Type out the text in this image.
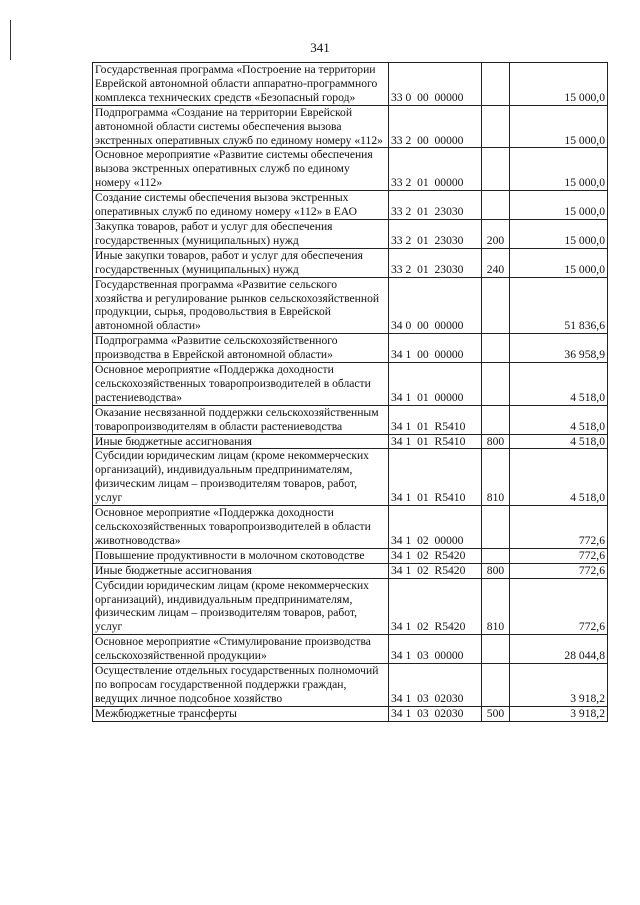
341
Государственная программа «Построение на территории Еврейской автономной области аппаратно-программного комплекса технических средств «Безопасный город»	33 0  00  00000		15 000,0
Подпрограмма «Создание на территории Еврейской автономной области системы обеспечения вызова экстренных оперативных служб по единому номеру «112»	33 2  00  00000		15 000,0
Основное мероприятие «Развитие системы обеспечения вызова экстренных оперативных служб по единому номеру «112»	33 2  01  00000		15 000,0
Создание системы обеспечения вызова экстренных оперативных служб по единому номеру «112» в ЕАО	33 2  01  23030		15 000,0
Закупка товаров, работ и услуг для обеспечения государственных (муниципальных) нужд	33 2  01  23030	200	15 000,0
Иные закупки товаров, работ и услуг для обеспечения государственных (муниципальных) нужд	33 2  01  23030	240	15 000,0
Государственная программа «Развитие сельского хозяйства и регулирование рынков сельскохозяйственной продукции, сырья, продовольствия в Еврейской автономной области»	34 0  00  00000		51 836,6
Подпрограмма «Развитие сельскохозяйственного производства в Еврейской автономной области»	34 1  00  00000		36 958,9
Основное мероприятие «Поддержка доходности сельскохозяйственных товаропроизводителей в области растениеводства»	34 1  01  00000		4 518,0
Оказание несвязанной поддержки сельскохозяйственным товаропроизводителям в области растениеводства	34 1  01  R5410		4 518,0
Иные бюджетные ассигнования	34 1  01  R5410	800	4 518,0
Субсидии юридическим лицам (кроме некоммерческих организаций), индивидуальным предпринимателям, физическим лицам – производителям товаров, работ, услуг	34 1  01  R5410	810	4 518,0
Основное мероприятие «Поддержка доходности сельскохозяйственных товаропроизводителей в области животноводства»	34 1  02  00000		772,6
Повышение продуктивности в молочном скотоводстве	34 1  02  R5420		772,6
Иные бюджетные ассигнования	34 1  02  R5420	800	772,6
Субсидии юридическим лицам (кроме некоммерческих организаций), индивидуальным предпринимателям, физическим лицам – производителям товаров, работ, услуг	34 1  02  R5420	810	772,6
Основное мероприятие «Стимулирование производства сельскохозяйственной продукции»	34 1  03  00000		28 044,8
Осуществление отдельных государственных полномочий по вопросам государственной поддержки граждан, ведущих личное подсобное хозяйство	34 1  03  02030		3 918,2
Межбюджетные трансферты	34 1  03  02030	500	3 918,2
